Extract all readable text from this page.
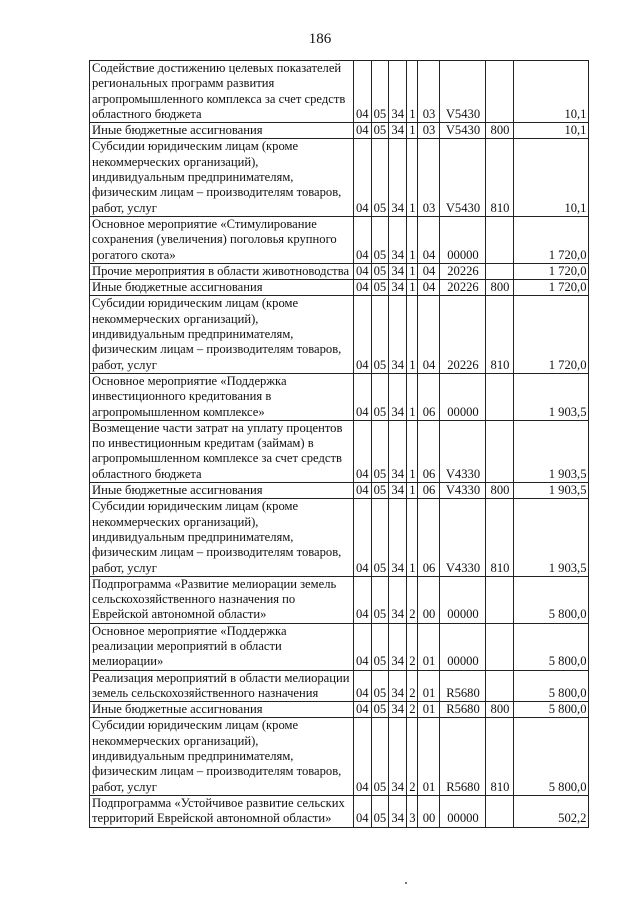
186
Содействие достижению целевых показателей региональных программ развития агропромышленного комплекса за счет средств областного бюджета	04	05	34	1	03	V5430		10,1
Иные бюджетные ассигнования	04	05	34	1	03	V5430	800	10,1
Субсидии юридическим лицам (кроме некоммерческих организаций), индивидуальным предпринимателям, физическим лицам – производителям товаров, работ, услуг	04	05	34	1	03	V5430	810	10,1
Основное мероприятие «Стимулирование сохранения (увеличения) поголовья крупного рогатого скота»	04	05	34	1	04	00000		1 720,0
Прочие мероприятия в области животноводства	04	05	34	1	04	20226		1 720,0
Иные бюджетные ассигнования	04	05	34	1	04	20226	800	1 720,0
Субсидии юридическим лицам (кроме некоммерческих организаций), индивидуальным предпринимателям, физическим лицам – производителям товаров, работ, услуг	04	05	34	1	04	20226	810	1 720,0
Основное мероприятие «Поддержка инвестиционного кредитования в агропромышленном комплексе»	04	05	34	1	06	00000		1 903,5
Возмещение части затрат на уплату процентов по инвестиционным кредитам (займам) в агропромышленном комплексе за счет средств областного бюджета	04	05	34	1	06	V4330		1 903,5
Иные бюджетные ассигнования	04	05	34	1	06	V4330	800	1 903,5
Субсидии юридическим лицам (кроме некоммерческих организаций), индивидуальным предпринимателям, физическим лицам – производителям товаров, работ, услуг	04	05	34	1	06	V4330	810	1 903,5
Подпрограмма «Развитие мелиорации земель сельскохозяйственного назначения по Еврейской автономной области»	04	05	34	2	00	00000		5 800,0
Основное мероприятие «Поддержка реализации мероприятий в области мелиорации»	04	05	34	2	01	00000		5 800,0
Реализация мероприятий в области мелиорации земель сельскохозяйственного назначения	04	05	34	2	01	R5680		5 800,0
Иные бюджетные ассигнования	04	05	34	2	01	R5680	800	5 800,0
Субсидии юридическим лицам (кроме некоммерческих организаций), индивидуальным предпринимателям, физическим лицам – производителям товаров, работ, услуг	04	05	34	2	01	R5680	810	5 800,0
Подпрограмма «Устойчивое развитие сельских территорий Еврейской автономной области»	04	05	34	3	00	00000		502,2
